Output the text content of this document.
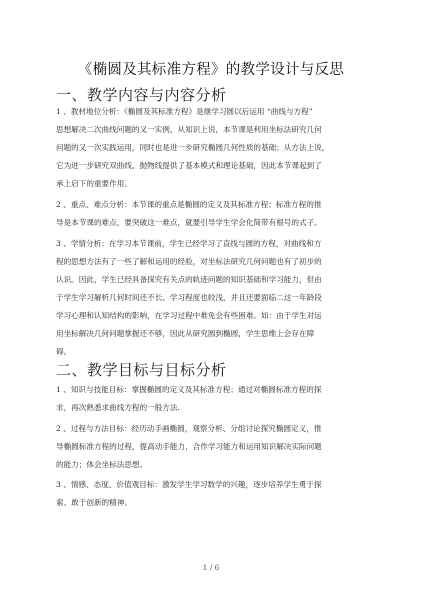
《椭圆及其标准方程》的教学设计与反思
一、教学内容与内容分析
1 、教材地位分析：《椭圆及其标准方程》是继学习圆以后运用 “曲线与方程”
思想解决二次曲线问题的又一实例，从知识上说，本节课是利用坐标法研究几何
问题的又一次实践运用，同时也是进一步研究椭圆几何性质的基础；从方法上说，
它为进一步研究双曲线、抛物线提供了基本模式和理论基础，因此本节课起到了
承上启下的重要作用。
2 、重点、难点分析：本节课的重点是椭圆的定义及其标准方程；标准方程的推
导是本节课的难点，要突破这一难点，就要引导学生学会化简带有根号的式子。
3 、学情分析：在学习本节课前，学生已经学习了直线与圆的方程，对曲线和方
程的思想方法有了一些了解和运用的经验，对坐标法研究几何问题也有了初步的
认识。因此，学生已经具备探究有关点的轨迹问题的知识基础和学习能力，但由
于学生学习解析几何时间还不长、学习程度也较浅，并且还要面临二这一年龄段
学习心理和认知结构的影响，在学习过程中难免会有些困难。如：由于学生对运
用坐标解决几何问题掌握还不够，因此从研究圆到椭圆，学生思维上会存在障
碍。
二、教学目标与目标分析
1 、知识与技能目标：掌握椭圆的定义及其标准方程；通过对椭圆标准方程的探
求，再次熟悉求曲线方程的一般方法.
2 、过程与方法目标：经历动手画椭圆，观察分析、分组讨论探究椭圆定义，推
导椭圆标准方程的过程，提高动手能力，合作学习能力和运用知识解决实际问题
的能力；体会坐标法思想。
3 、情感、态度、价值观目标：激发学生学习数学的兴趣，逐步培养学生勇于探
索、敢于创新的精神。
1 / 6
